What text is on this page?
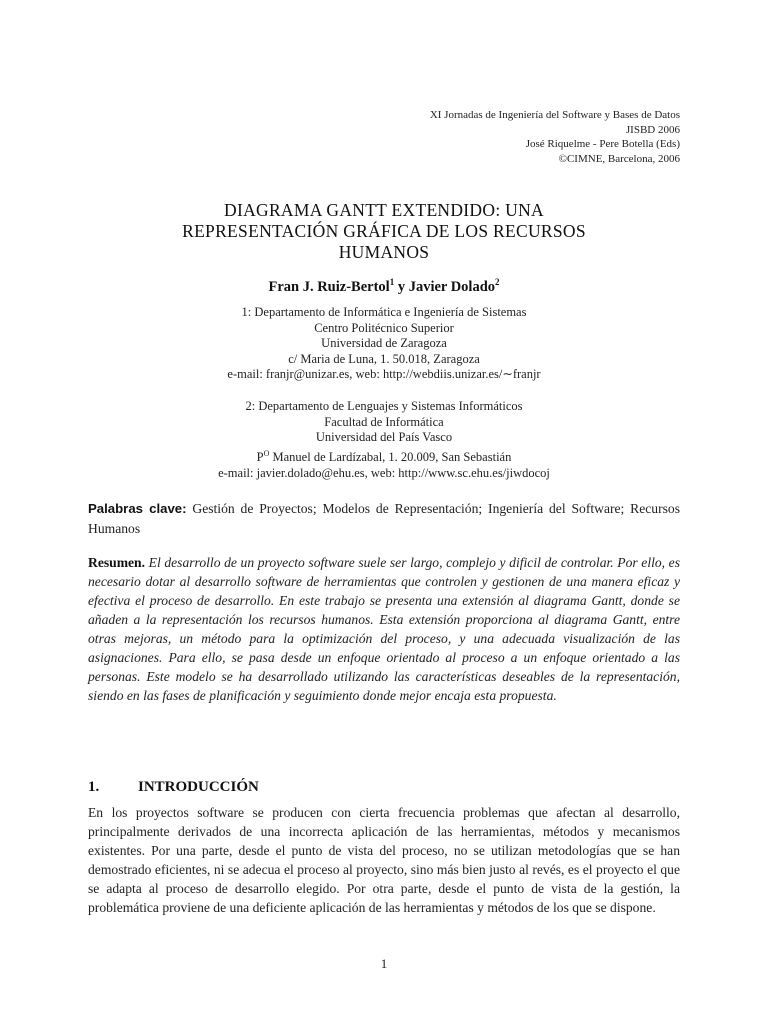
XI Jornadas de Ingeniería del Software y Bases de Datos
JISBD 2006
José Riquelme - Pere Botella (Eds)
©CIMNE, Barcelona, 2006
DIAGRAMA GANTT EXTENDIDO: UNA
REPRESENTACIÓN GRÁFICA DE LOS RECURSOS
HUMANOS
Fran J. Ruiz-Bertol$^1$ y Javier Dolado$^2$
1: Departamento de Informática e Ingeniería de Sistemas
Centro Politécnico Superior
Universidad de Zaragoza
c/ Maria de Luna, 1. 50.018, Zaragoza
e-mail: franjr@unizar.es, web: http://webdiis.unizar.es/∼franjr
2: Departamento de Lenguajes y Sistemas Informáticos
Facultad de Informática
Universidad del País Vasco
$P^O$ Manuel de Lardízabal, 1. 20.009, San Sebastián
e-mail: javier.dolado@ehu.es, web: http://www.sc.ehu.es/jiwdocoj
Palabras clave: Gestión de Proyectos; Modelos de Representación; Ingeniería del Software; Recursos Humanos
Resumen. El desarrollo de un proyecto software suele ser largo, complejo y dificil de controlar. Por ello, es necesario dotar al desarrollo software de herramientas que controlen y gestionen de una manera eficaz y efectiva el proceso de desarrollo. En este trabajo se presenta una extensión al diagrama Gantt, donde se añaden a la representación los recursos humanos. Esta extensión proporciona al diagrama Gantt, entre otras mejoras, un método para la optimización del proceso, y una adecuada visualización de las asignaciones. Para ello, se pasa desde un enfoque orientado al proceso a un enfoque orientado a las personas. Este modelo se ha desarrollado utilizando las características deseables de la representación, siendo en las fases de planificación y seguimiento donde mejor encaja esta propuesta.
1.	INTRODUCCIÓN
En los proyectos software se producen con cierta frecuencia problemas que afectan al desarrollo, principalmente derivados de una incorrecta aplicación de las herramientas, métodos y mecanismos existentes. Por una parte, desde el punto de vista del proceso, no se utilizan metodologías que se han demostrado eficientes, ni se adecua el proceso al proyecto, sino más bien justo al revés, es el proyecto el que se adapta al proceso de desarrollo elegido. Por otra parte, desde el punto de vista de la gestión, la problemática proviene de una deficiente aplicación de las herramientas y métodos de los que se dispone.
1
